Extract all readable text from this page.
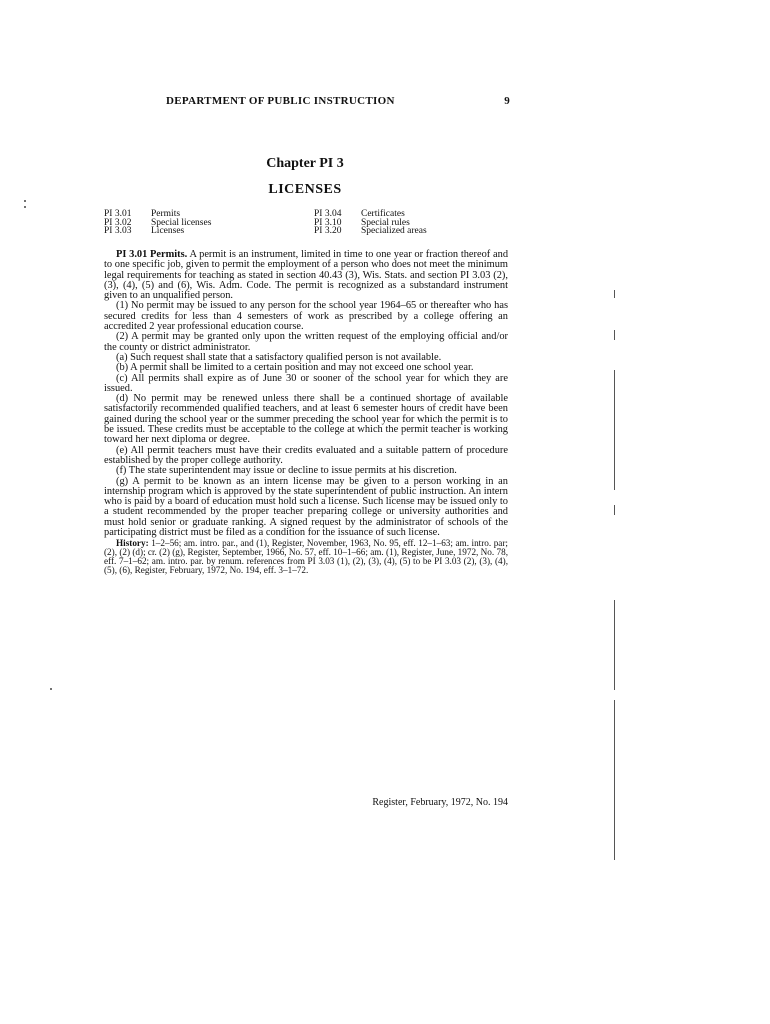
DEPARTMENT OF PUBLIC INSTRUCTION	9
Chapter PI 3
LICENSES
PI 3.01	Permits
PI 3.02	Special licenses
PI 3.03	Licenses
PI 3.04	Certificates
PI 3.10	Special rules
PI 3.20	Specialized areas

PI 3.01 Permits. A permit is an instrument, limited in time to one year or fraction thereof and to one specific job, given to permit the employment of a person who does not meet the minimum legal requirements for teaching as stated in section 40.43 (3), Wis. Stats. and section PI 3.03 (2), (3), (4), (5) and (6), Wis. Adm. Code. The permit is recognized as a substandard instrument given to an unqualified person.

(1) No permit may be issued to any person for the school year 1964–65 or thereafter who has secured credits for less than 4 semesters of work as prescribed by a college offering an accredited 2 year professional education course.

(2) A permit may be granted only upon the written request of the employing official and/or the county or district administrator.

(a) Such request shall state that a satisfactory qualified person is not available.

(b) A permit shall be limited to a certain position and may not exceed one school year.

(c) All permits shall expire as of June 30 or sooner of the school year for which they are issued.

(d) No permit may be renewed unless there shall be a continued shortage of available satisfactorily recommended qualified teachers, and at least 6 semester hours of credit have been gained during the school year or the summer preceding the school year for which the permit is to be issued. These credits must be acceptable to the college at which the permit teacher is working toward her next diploma or degree.

(e) All permit teachers must have their credits evaluated and a suitable pattern of procedure established by the proper college authority.

(f) The state superintendent may issue or decline to issue permits at his discretion.

(g) A permit to be known as an intern license may be given to a person working in an internship program which is approved by the state superintendent of public instruction. An intern who is paid by a board of education must hold such a license. Such license may be issued only to a student recommended by the proper teacher preparing college or university authorities and must hold senior or graduate ranking. A signed request by the administrator of schools of the participating district must be filed as a condition for the issuance of such license.

History: 1–2–56; am. intro. par., and (1), Register, November, 1963, No. 95, eff. 12–1–63; am. intro. par; (2), (2) (d); cr. (2) (g), Register, September, 1966, No. 57, eff. 10–1–66; am. (1), Register, June, 1972, No. 78, eff. 7–1–62; am. intro. par. by renum. references from PI 3.03 (1), (2), (3), (4), (5) to be PI 3.03 (2), (3), (4), (5), (6), Register, February, 1972, No. 194, eff. 3–1–72.

Register, February, 1972, No. 194
